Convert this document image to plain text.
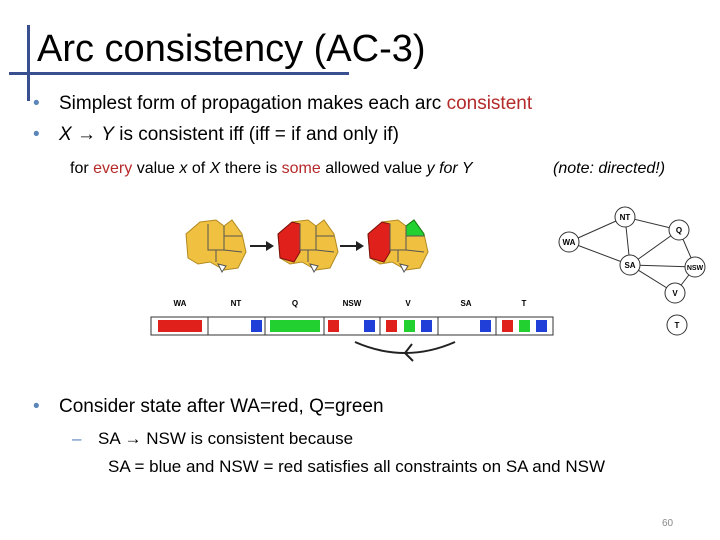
Arc consistency (AC-3)
• Simplest form of propagation makes each arc consistent
• X → Y is consistent iff (iff = if and only if)
for every value x of X there is some allowed value y for Y	(note: directed!)
NT
Q
WA
SA	NSW
V
T
WA	NT	Q	NSW	V	SA	T
• Consider state after WA=red, Q=green
– SA → NSW is consistent because
SA = blue and NSW = red satisfies all constraints on SA and NSW
60
